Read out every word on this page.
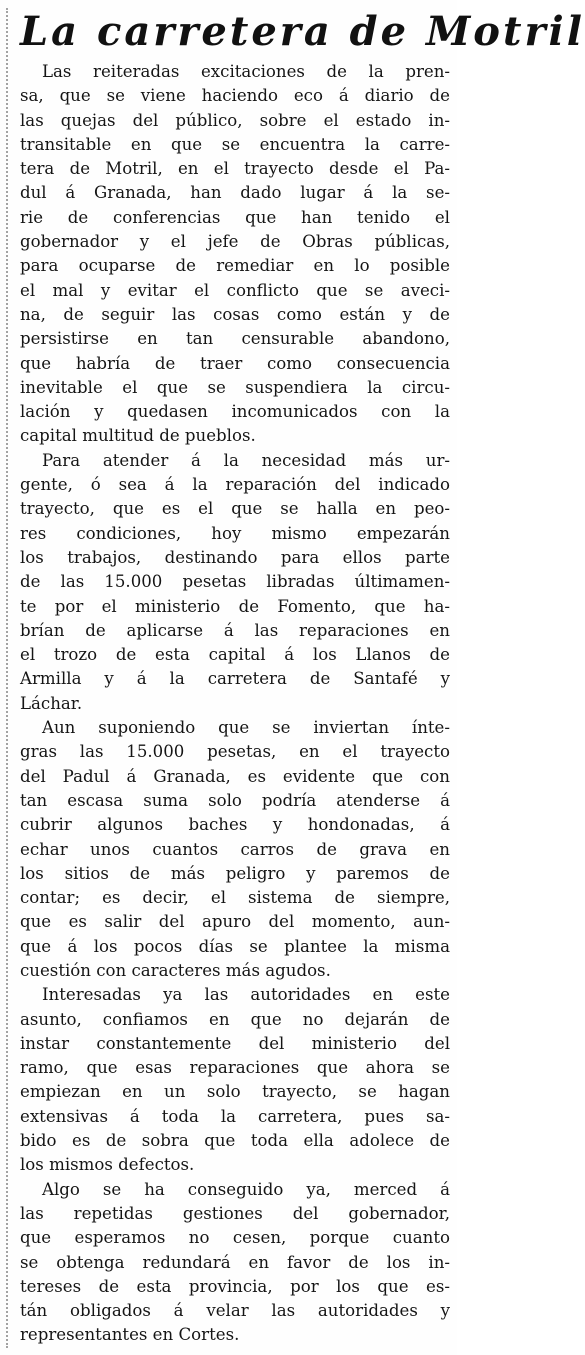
La carretera de Motril
Las reiteradas excitaciones de la pren-
sa, que se viene haciendo eco á diario de
las quejas del público, sobre el estado in-
transitable en que se encuentra la carre-
tera de Motril, en el trayecto desde el Pa-
dul á Granada, han dado lugar á la se-
rie de conferencias que han tenido el
gobernador y el jefe de Obras públicas,
para ocuparse de remediar en lo posible
el mal y evitar el conflicto que se aveci-
na, de seguir las cosas como están y de
persistirse en tan censurable abandono,
que habría de traer como consecuencia
inevitable el que se suspendiera la circu-
lación y quedasen incomunicados con la
capital multitud de pueblos.
Para atender á la necesidad más ur-
gente, ó sea á la reparación del indicado
trayecto, que es el que se halla en peo-
res condiciones, hoy mismo empezarán
los trabajos, destinando para ellos parte
de las 15.000 pesetas libradas últimamen-
te por el ministerio de Fomento, que ha-
brían de aplicarse á las reparaciones en
el trozo de esta capital á los Llanos de
Armilla y á la carretera de Santafé y
Láchar.
Aun suponiendo que se inviertan ínte-
gras las 15.000 pesetas, en el trayecto
del Padul á Granada, es evidente que con
tan escasa suma solo podría atenderse á
cubrir algunos baches y hondonadas, á
echar unos cuantos carros de grava en
los sitios de más peligro y paremos de
contar; es decir, el sistema de siempre,
que es salir del apuro del momento, aun-
que á los pocos días se plantee la misma
cuestión con caracteres más agudos.
Interesadas ya las autoridades en este
asunto, confiamos en que no dejarán de
instar constantemente del ministerio del
ramo, que esas reparaciones que ahora se
empiezan en un solo trayecto, se hagan
extensivas á toda la carretera, pues sa-
bido es de sobra que toda ella adolece de
los mismos defectos.
Algo se ha conseguido ya, merced á
las repetidas gestiones del gobernador,
que esperamos no cesen, porque cuanto
se obtenga redundará en favor de los in-
tereses de esta provincia, por los que es-
tán obligados á velar las autoridades y
representantes en Cortes.
